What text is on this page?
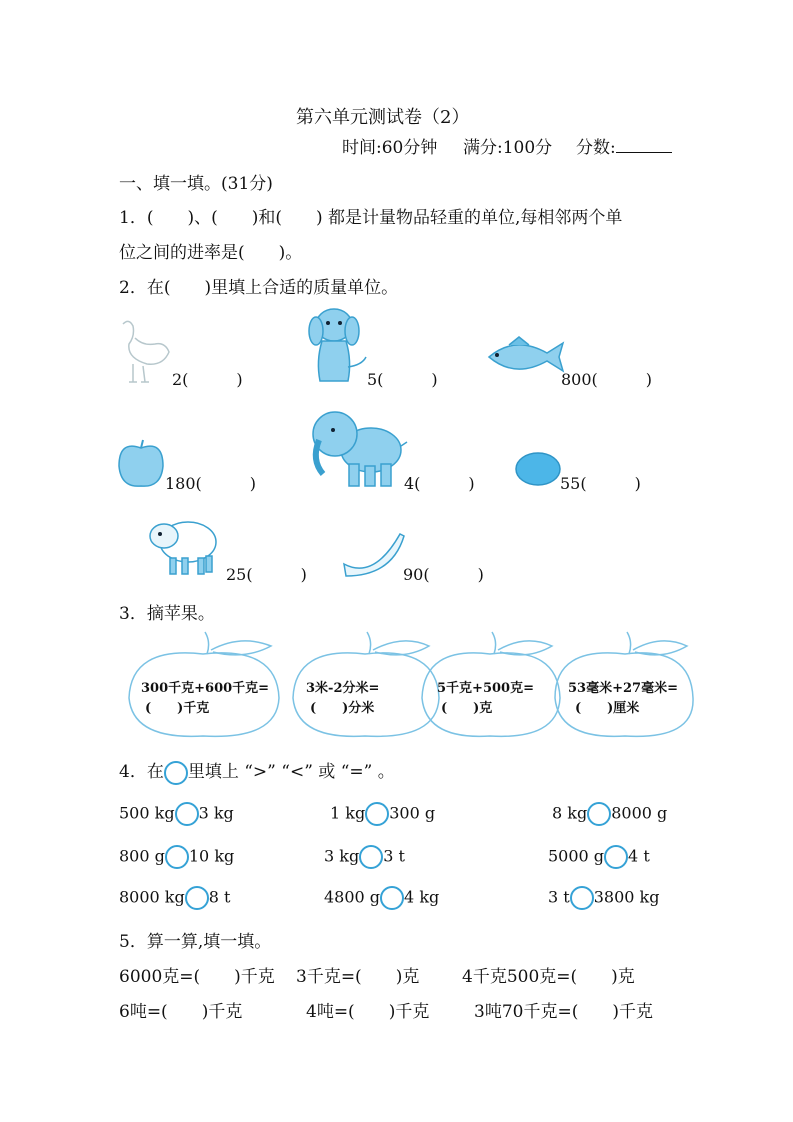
第六单元测试卷（2）
时间:60分钟 满分:100分 分数:
一、填一填。(31分)
1．(　　)、(　　)和(　　) 都是计量物品轻重的单位,每相邻两个单
位之间的进率是(　　)。
2．在(　　)里填上合适的质量单位。
2(　　　)	5(　　　)	800(　　　)
180(　　　)	4(　　　)	55(　　　)
25(　　　)	90(　　　)
3．摘苹果。
300千克+600千克=
(　　)千克
3米-2分米=
(　　)分米
5千克+500克=
(　　)克
53毫米+27毫米=
(　　)厘米
4．在 里填上 “>” “<” 或 “=” 。
500 kg 3 kg	1 kg 300 g	8 kg 8000 g
800 g 10 kg	3 kg 3 t	5000 g 4 t
8000 kg 8 t	4800 g 4 kg	3 t 3800 kg
5．算一算,填一填。
6000克=(　　)千克 3千克=(　　)克	4千克500克=(　　)克
6吨=(　　)千克	4吨=(　　)千克	3吨70千克=(　　)千克
